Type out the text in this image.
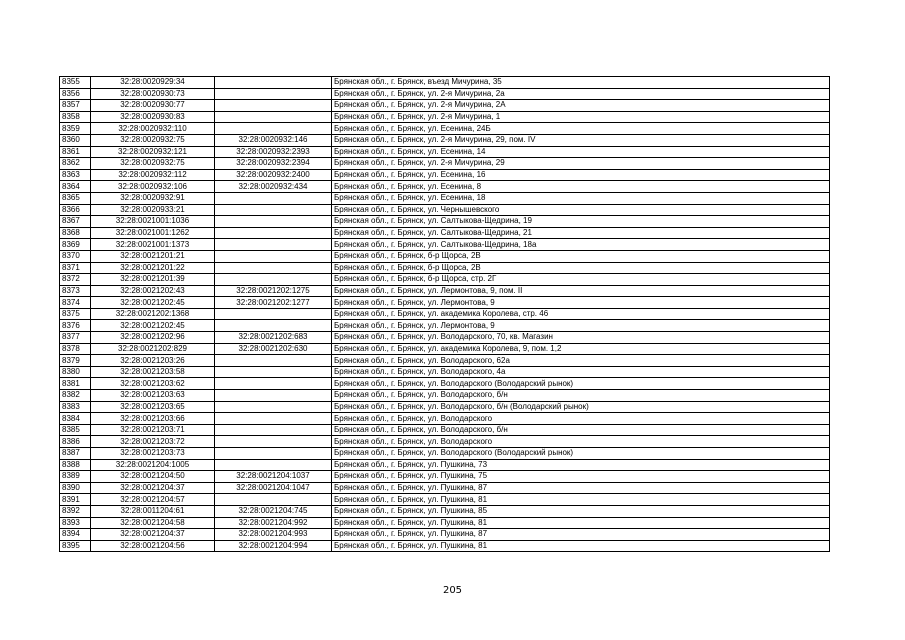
8355	32:28:0020929:34		Брянская обл., г. Брянск, въезд Мичурина, 35
8356	32:28:0020930:73		Брянская обл., г. Брянск, ул. 2-я Мичурина, 2а
8357	32:28:0020930:77		Брянская обл., г. Брянск, ул. 2-я Мичурина, 2А
8358	32:28:0020930:83		Брянская обл., г. Брянск, ул. 2-я Мичурина, 1
8359	32:28:0020932:110		Брянская обл., г. Брянск, ул. Есенина, 24Б
8360	32:28:0020932:75	32:28:0020932:146	Брянская обл., г. Брянск, ул. 2-я Мичурина, 29, пом. IV
8361	32:28:0020932:121	32:28:0020932:2393	Брянская обл., г. Брянск, ул. Есенина, 14
8362	32:28:0020932:75	32:28:0020932:2394	Брянская обл., г. Брянск, ул. 2-я Мичурина, 29
8363	32:28:0020932:112	32:28:0020932:2400	Брянская обл., г. Брянск, ул. Есенина, 16
8364	32:28:0020932:106	32:28:0020932:434	Брянская обл., г. Брянск, ул. Есенина, 8
8365	32:28:0020932:91		Брянская обл., г. Брянск, ул. Есенина, 18
8366	32:28:0020933:21		Брянская обл., г. Брянск, ул. Чернышевского
8367	32:28:0021001:1036		Брянская обл., г. Брянск, ул. Салтыкова-Щедрина, 19
8368	32:28:0021001:1262		Брянская обл., г. Брянск, ул. Салтыкова-Щедрина, 21
8369	32:28:0021001:1373		Брянская обл., г. Брянск, ул. Салтыкова-Щедрина, 18а
8370	32:28:0021201:21		Брянская обл., г. Брянск, б-р Щорса, 2В
8371	32:28:0021201:22		Брянская обл., г. Брянск, б-р Щорса, 2В
8372	32:28:0021201:39		Брянская обл., г. Брянск, б-р Щорса, стр. 2Г
8373	32:28:0021202:43	32:28:0021202:1275	Брянская обл., г. Брянск, ул. Лермонтова, 9, пом. II
8374	32:28:0021202:45	32:28:0021202:1277	Брянская обл., г. Брянск, ул. Лермонтова, 9
8375	32:28:0021202:1368		Брянская обл., г. Брянск, ул. академика Королева, стр. 46
8376	32:28:0021202:45		Брянская обл., г. Брянск, ул. Лермонтова, 9
8377	32:28:0021202:96	32:28:0021202:683	Брянская обл., г. Брянск, ул. Володарского, 70, кв. Магазин
8378	32:28:0021202:829	32:28:0021202:630	Брянская обл., г. Брянск, ул. академика Королева, 9, пом. 1,2
8379	32:28:0021203:26		Брянская обл., г. Брянск, ул. Володарского, 62а
8380	32:28:0021203:58		Брянская обл., г. Брянск, ул. Володарского, 4а
8381	32:28:0021203:62		Брянская обл., г. Брянск, ул. Володарского (Володарский рынок)
8382	32:28:0021203:63		Брянская обл., г. Брянск, ул. Володарского, б/н
8383	32:28:0021203:65		Брянская обл., г. Брянск, ул. Володарского, б/н (Володарский рынок)
8384	32:28:0021203:66		Брянская обл., г. Брянск, ул. Володарского
8385	32:28:0021203:71		Брянская обл., г. Брянск, ул. Володарского, б/н
8386	32:28:0021203:72		Брянская обл., г. Брянск, ул. Володарского
8387	32:28:0021203:73		Брянская обл., г. Брянск, ул. Володарского (Володарский рынок)
8388	32:28:0021204:1005		Брянская обл., г. Брянск, ул. Пушкина, 73
8389	32:28:0021204:50	32:28:0021204:1037	Брянская обл., г. Брянск, ул. Пушкина, 75
8390	32:28:0021204:37	32:28:0021204:1047	Брянская обл., г. Брянск, ул. Пушкина, 87
8391	32:28:0021204:57		Брянская обл., г. Брянск, ул. Пушкина, 81
8392	32:28:0011204:61	32:28:0021204:745	Брянская обл., г. Брянск, ул. Пушкина, 85
8393	32:28:0021204:58	32:28:0021204:992	Брянская обл., г. Брянск, ул. Пушкина, 81
8394	32:28:0021204:37	32:28:0021204:993	Брянская обл., г. Брянск, ул. Пушкина, 87
8395	32:28:0021204:56	32:28:0021204:994	Брянская обл., г. Брянск, ул. Пушкина, 81
205
